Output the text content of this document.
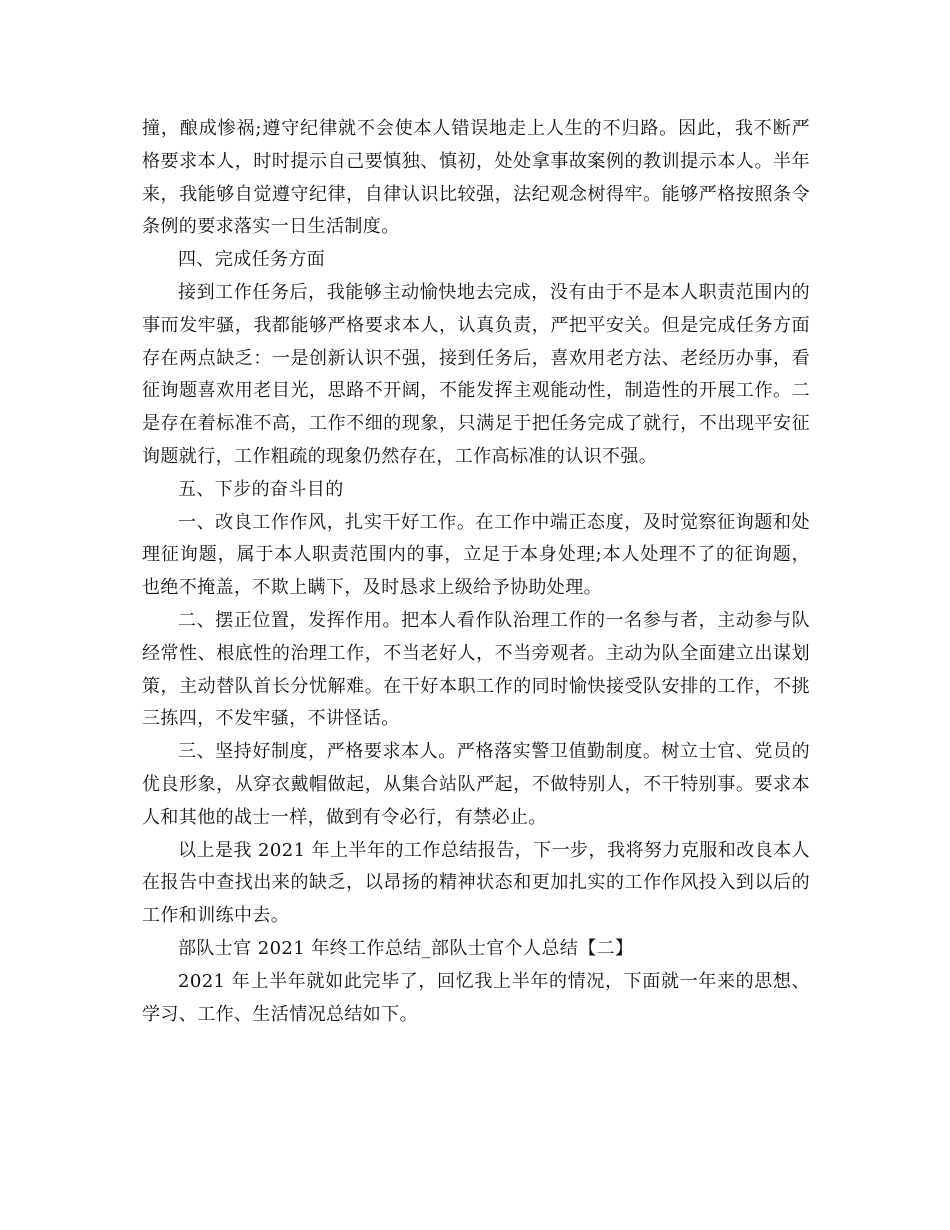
撞，酿成惨祸;遵守纪律就不会使本人错误地走上人生的不归路。因此，我不断严格要求本人，时时提示自己要慎独、慎初，处处拿事故案例的教训提示本人。半年来，我能够自觉遵守纪律，自律认识比较强，法纪观念树得牢。能够严格按照条令条例的要求落实一日生活制度。

四、完成任务方面

接到工作任务后，我能够主动愉快地去完成，没有由于不是本人职责范围内的事而发牢骚，我都能够严格要求本人，认真负责，严把平安关。但是完成任务方面存在两点缺乏：一是创新认识不强，接到任务后，喜欢用老方法、老经历办事，看征询题喜欢用老目光，思路不开阔，不能发挥主观能动性，制造性的开展工作。二是存在着标准不高，工作不细的现象，只满足于把任务完成了就行，不出现平安征询题就行，工作粗疏的现象仍然存在，工作高标准的认识不强。

五、下步的奋斗目的

一、改良工作作风，扎实干好工作。在工作中端正态度，及时觉察征询题和处理征询题，属于本人职责范围内的事，立足于本身处理;本人处理不了的征询题，也绝不掩盖，不欺上瞒下，及时恳求上级给予协助处理。

二、摆正位置，发挥作用。把本人看作队治理工作的一名参与者，主动参与队经常性、根底性的治理工作，不当老好人，不当旁观者。主动为队全面建立出谋划策，主动替队首长分忧解难。在干好本职工作的同时愉快接受队安排的工作，不挑三拣四，不发牢骚，不讲怪话。

三、坚持好制度，严格要求本人。严格落实警卫值勤制度。树立士官、党员的优良形象，从穿衣戴帽做起，从集合站队严起，不做特别人，不干特别事。要求本人和其他的战士一样，做到有令必行，有禁必止。

以上是我 2021 年上半年的工作总结报告，下一步，我将努力克服和改良本人在报告中查找出来的缺乏，以昂扬的精神状态和更加扎实的工作作风投入到以后的工作和训练中去。

部队士官 2021 年终工作总结_部队士官个人总结【二】

2021 年上半年就如此完毕了，回忆我上半年的情况，下面就一年来的思想、学习、工作、生活情况总结如下。
